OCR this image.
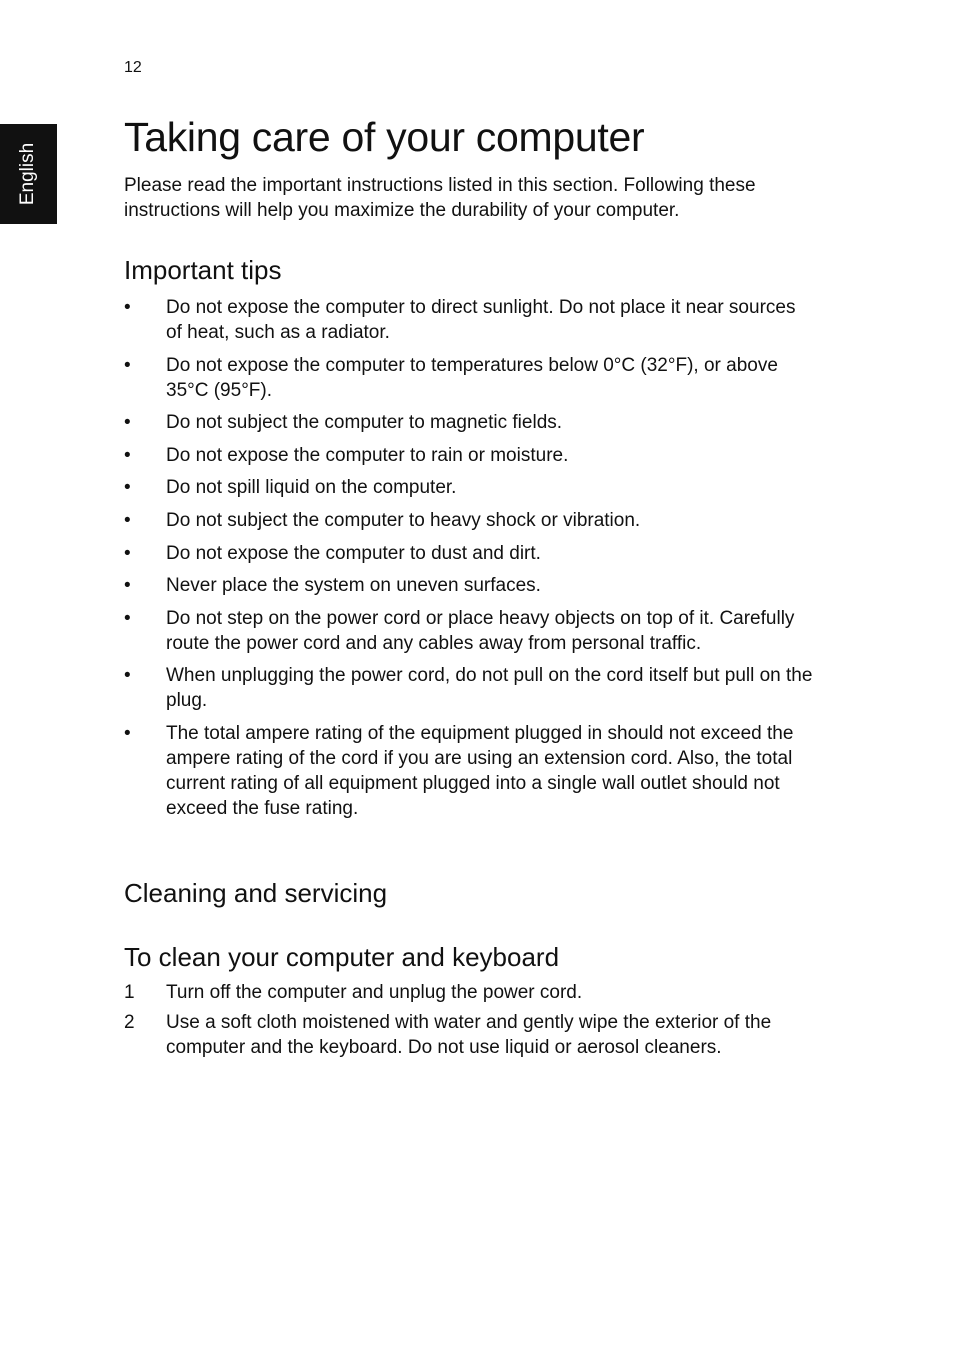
12
English
Taking care of your computer

Please read the important instructions listed in this section. Following these instructions will help you maximize the durability of your computer.

Important tips
•	Do not expose the computer to direct sunlight. Do not place it near sources of heat, such as a radiator.
•	Do not expose the computer to temperatures below 0°C (32°F), or above 35°C (95°F).
•	Do not subject the computer to magnetic fields.
•	Do not expose the computer to rain or moisture.
•	Do not spill liquid on the computer.
•	Do not subject the computer to heavy shock or vibration.
•	Do not expose the computer to dust and dirt.
•	Never place the system on uneven surfaces.
•	Do not step on the power cord or place heavy objects on top of it. Carefully route the power cord and any cables away from personal traffic.
•	When unplugging the power cord, do not pull on the cord itself but pull on the plug.
•	The total ampere rating of the equipment plugged in should not exceed the ampere rating of the cord if you are using an extension cord. Also, the total current rating of all equipment plugged into a single wall outlet should not exceed the fuse rating.
Cleaning and servicing
To clean your computer and keyboard
1	Turn off the computer and unplug the power cord.
2	Use a soft cloth moistened with water and gently wipe the exterior of the computer and the keyboard. Do not use liquid or aerosol cleaners.
